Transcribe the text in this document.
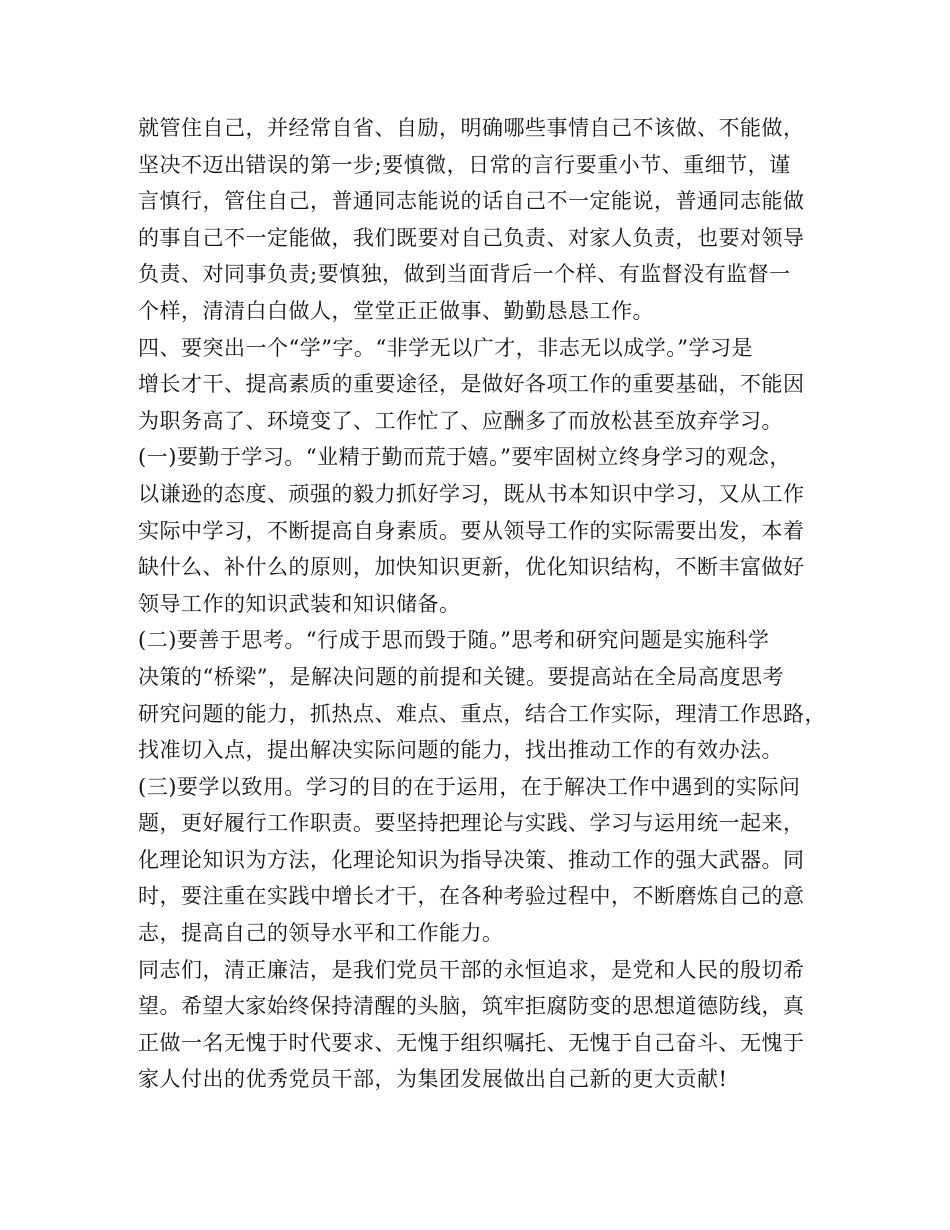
就管住自己，并经常自省、自励，明确哪些事情自己不该做、不能做，
坚决不迈出错误的第一步;要慎微，日常的言行要重小节、重细节，谨
言慎行，管住自己，普通同志能说的话自己不一定能说，普通同志能做
的事自己不一定能做，我们既要对自己负责、对家人负责，也要对领导
负责、对同事负责;要慎独，做到当面背后一个样、有监督没有监督一
个样，清清白白做人，堂堂正正做事、勤勤恳恳工作。
四、要突出一个“学”字。“非学无以广才，非志无以成学。”学习是
增长才干、提高素质的重要途径，是做好各项工作的重要基础，不能因
为职务高了、环境变了、工作忙了、应酬多了而放松甚至放弃学习。
(一)要勤于学习。“业精于勤而荒于嬉。”要牢固树立终身学习的观念，
以谦逊的态度、顽强的毅力抓好学习，既从书本知识中学习，又从工作
实际中学习，不断提高自身素质。要从领导工作的实际需要出发，本着
缺什么、补什么的原则，加快知识更新，优化知识结构，不断丰富做好
领导工作的知识武装和知识储备。
(二)要善于思考。“行成于思而毁于随。”思考和研究问题是实施科学
决策的“桥梁”，是解决问题的前提和关键。要提高站在全局高度思考
研究问题的能力，抓热点、难点、重点，结合工作实际，理清工作思路，
找准切入点，提出解决实际问题的能力，找出推动工作的有效办法。
(三)要学以致用。学习的目的在于运用，在于解决工作中遇到的实际问
题，更好履行工作职责。要坚持把理论与实践、学习与运用统一起来，
化理论知识为方法，化理论知识为指导决策、推动工作的强大武器。同
时，要注重在实践中增长才干，在各种考验过程中，不断磨炼自己的意
志，提高自己的领导水平和工作能力。
同志们，清正廉洁，是我们党员干部的永恒追求，是党和人民的殷切希
望。希望大家始终保持清醒的头脑，筑牢拒腐防变的思想道德防线，真
正做一名无愧于时代要求、无愧于组织嘱托、无愧于自己奋斗、无愧于
家人付出的优秀党员干部，为集团发展做出自己新的更大贡献!
